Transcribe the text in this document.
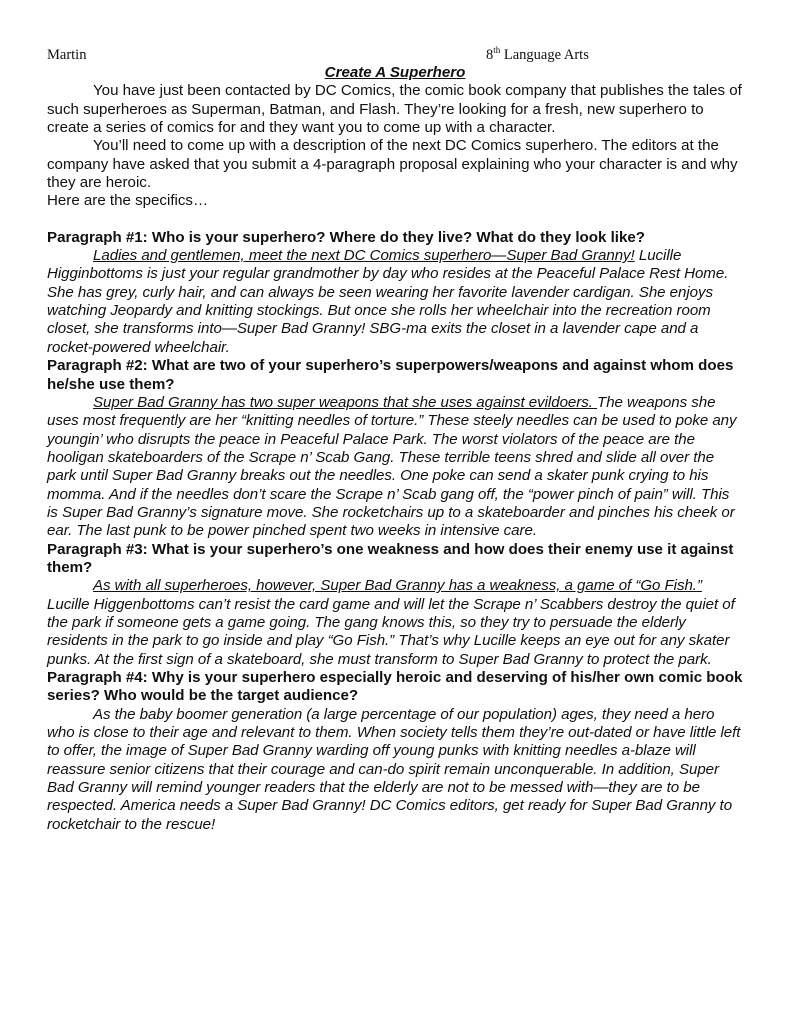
Martin	8th Language Arts

Create A Superhero

You have just been contacted by DC Comics, the comic book company that publishes the tales of such superheroes as Superman, Batman, and Flash. They’re looking for a fresh, new superhero to create a series of comics for and they want you to come up with a character.

You’ll need to come up with a description of the next DC Comics superhero. The editors at the company have asked that you submit a 4-paragraph proposal explaining who your character is and why they are heroic.

Here are the specifics…

Paragraph #1: Who is your superhero? Where do they live? What do they look like?

Ladies and gentlemen, meet the next DC Comics superhero—Super Bad Granny! Lucille Higginbottoms is just your regular grandmother by day who resides at the Peaceful Palace Rest Home. She has grey, curly hair, and can always be seen wearing her favorite lavender cardigan. She enjoys watching Jeopardy and knitting stockings. But once she rolls her wheelchair into the recreation room closet, she transforms into—Super Bad Granny! SBG-ma exits the closet in a lavender cape and a rocket-powered wheelchair.

Paragraph #2: What are two of your superhero’s superpowers/weapons and against whom does he/she use them?

Super Bad Granny has two super weapons that she uses against evildoers. The weapons she uses most frequently are her “knitting needles of torture.” These steely needles can be used to poke any youngin’ who disrupts the peace in Peaceful Palace Park. The worst violators of the peace are the hooligan skateboarders of the Scrape n’ Scab Gang. These terrible teens shred and slide all over the park until Super Bad Granny breaks out the needles. One poke can send a skater punk crying to his momma. And if the needles don’t scare the Scrape n’ Scab gang off, the “power pinch of pain” will. This is Super Bad Granny’s signature move. She rocketchairs up to a skateboarder and pinches his cheek or ear. The last punk to be power pinched spent two weeks in intensive care.

Paragraph #3: What is your superhero’s one weakness and how does their enemy use it against them?

As with all superheroes, however, Super Bad Granny has a weakness, a game of “Go Fish.” Lucille Higgenbottoms can’t resist the card game and will let the Scrape n’ Scabbers destroy the quiet of the park if someone gets a game going. The gang knows this, so they try to persuade the elderly residents in the park to go inside and play “Go Fish.” That’s why Lucille keeps an eye out for any skater punks. At the first sign of a skateboard, she must transform to Super Bad Granny to protect the park.

Paragraph #4: Why is your superhero especially heroic and deserving of his/her own comic book series? Who would be the target audience?

As the baby boomer generation (a large percentage of our population) ages, they need a hero who is close to their age and relevant to them. When society tells them they’re out-dated or have little left to offer, the image of Super Bad Granny warding off young punks with knitting needles a-blaze will reassure senior citizens that their courage and can-do spirit remain unconquerable. In addition, Super Bad Granny will remind younger readers that the elderly are not to be messed with—they are to be respected. America needs a Super Bad Granny! DC Comics editors, get ready for Super Bad Granny to rocketchair to the rescue!
